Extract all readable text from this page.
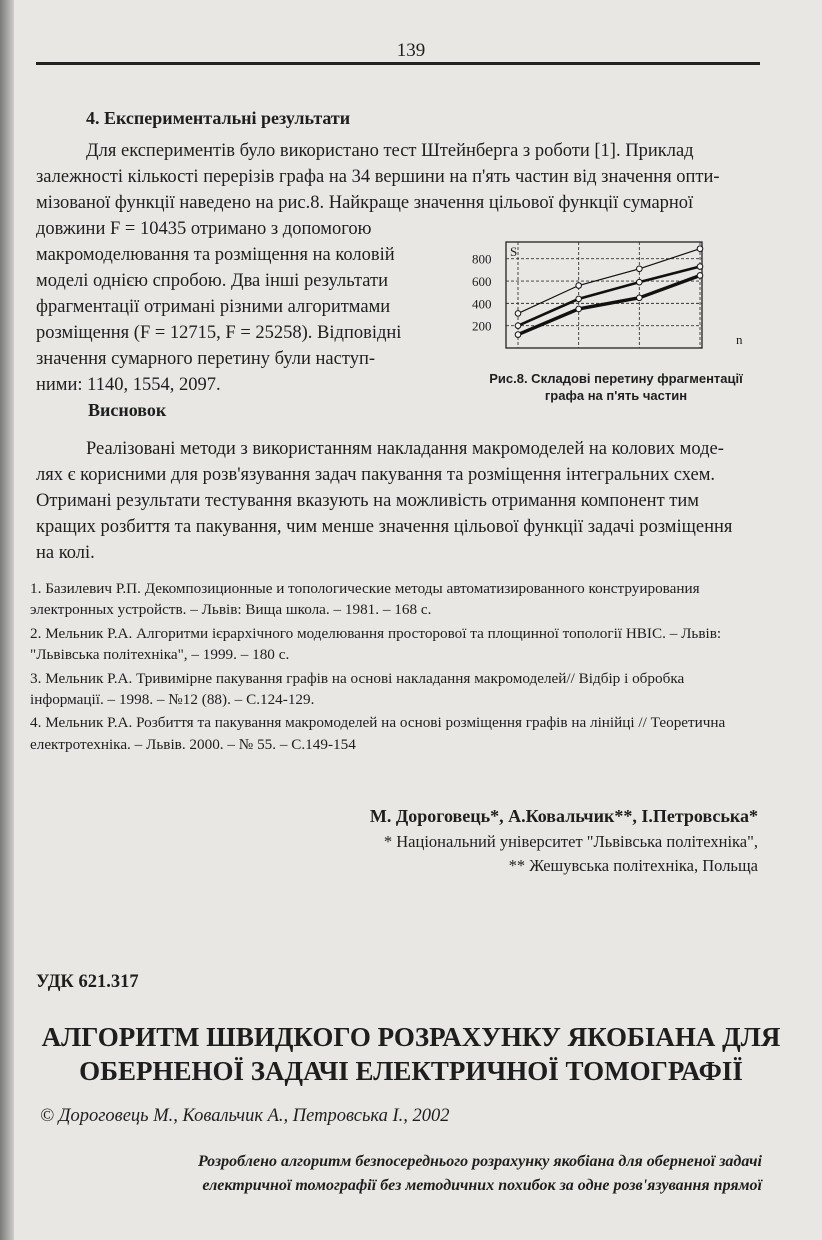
139
4. Експериментальні результати

Для експериментів було використано тест Штейнберга з роботи [1]. Приклад

залежності кількості перерізів графа на 34 вершини на п'ять частин від значення опти-

мізованої функції наведено на рис.8. Найкраще значення цільової функції сумарної

довжини F = 10435 отримано з допомогою

макромоделювання та розміщення на коловій

моделі однією спробою. Два інші результати

фрагментації отримані різними алгоритмами

розміщення (F = 12715, F = 25258). Відповідні

значення сумарного перетину були наступ-

ними: 1140, 1554, 2097.

800
600
400
200
S
n
Рис.8. Складові перетину фрагментації
графа на п'ять частин
Висновок

Реалізовані методи з використанням накладання макромоделей на колових моде-

лях є корисними для розв'язування задач пакування та розміщення інтегральних схем.

Отримані результати тестування вказують на можливість отримання компонент тим

кращих розбиття та пакування, чим менше значення цільової функції задачі розміщення

на колі.

1. Базилевич Р.П. Декомпозиционные и топологические методы автоматизированного конструирования
электронных устройств. – Львів: Вища школа. – 1981. – 168 с.

2. Мельник Р.А. Алгоритми ієрархічного моделювання просторової та площинної топології НВІС. – Львів:
"Львівська політехніка", – 1999. – 180 с.

3. Мельник Р.А. Тривимірне пакування графів на основі накладання макромоделей// Відбір і обробка
інформації. – 1998. – №12 (88). – С.124-129.

4. Мельник Р.А. Розбиття та пакування макромоделей на основі розміщення графів на лінійці // Теоретична
електротехніка. – Львів. 2000. – № 55. – С.149-154

М. Дороговець*, А.Ковальчик**, І.Петровська*
* Національний університет "Львівська політехніка",
** Жешувська політехніка, Польща
УДК 621.317
АЛГОРИТМ ШВИДКОГО РОЗРАХУНКУ ЯКОБІАНА ДЛЯ
ОБЕРНЕНОЇ ЗАДАЧІ ЕЛЕКТРИЧНОЇ ТОМОГРАФІЇ
© Дороговець М., Ковальчик А., Петровська І., 2002
Розроблено алгоритм безпосереднього розрахунку якобіана для оберненої задачі
електричної томографії без методичних похибок за одне розв'язування прямої
